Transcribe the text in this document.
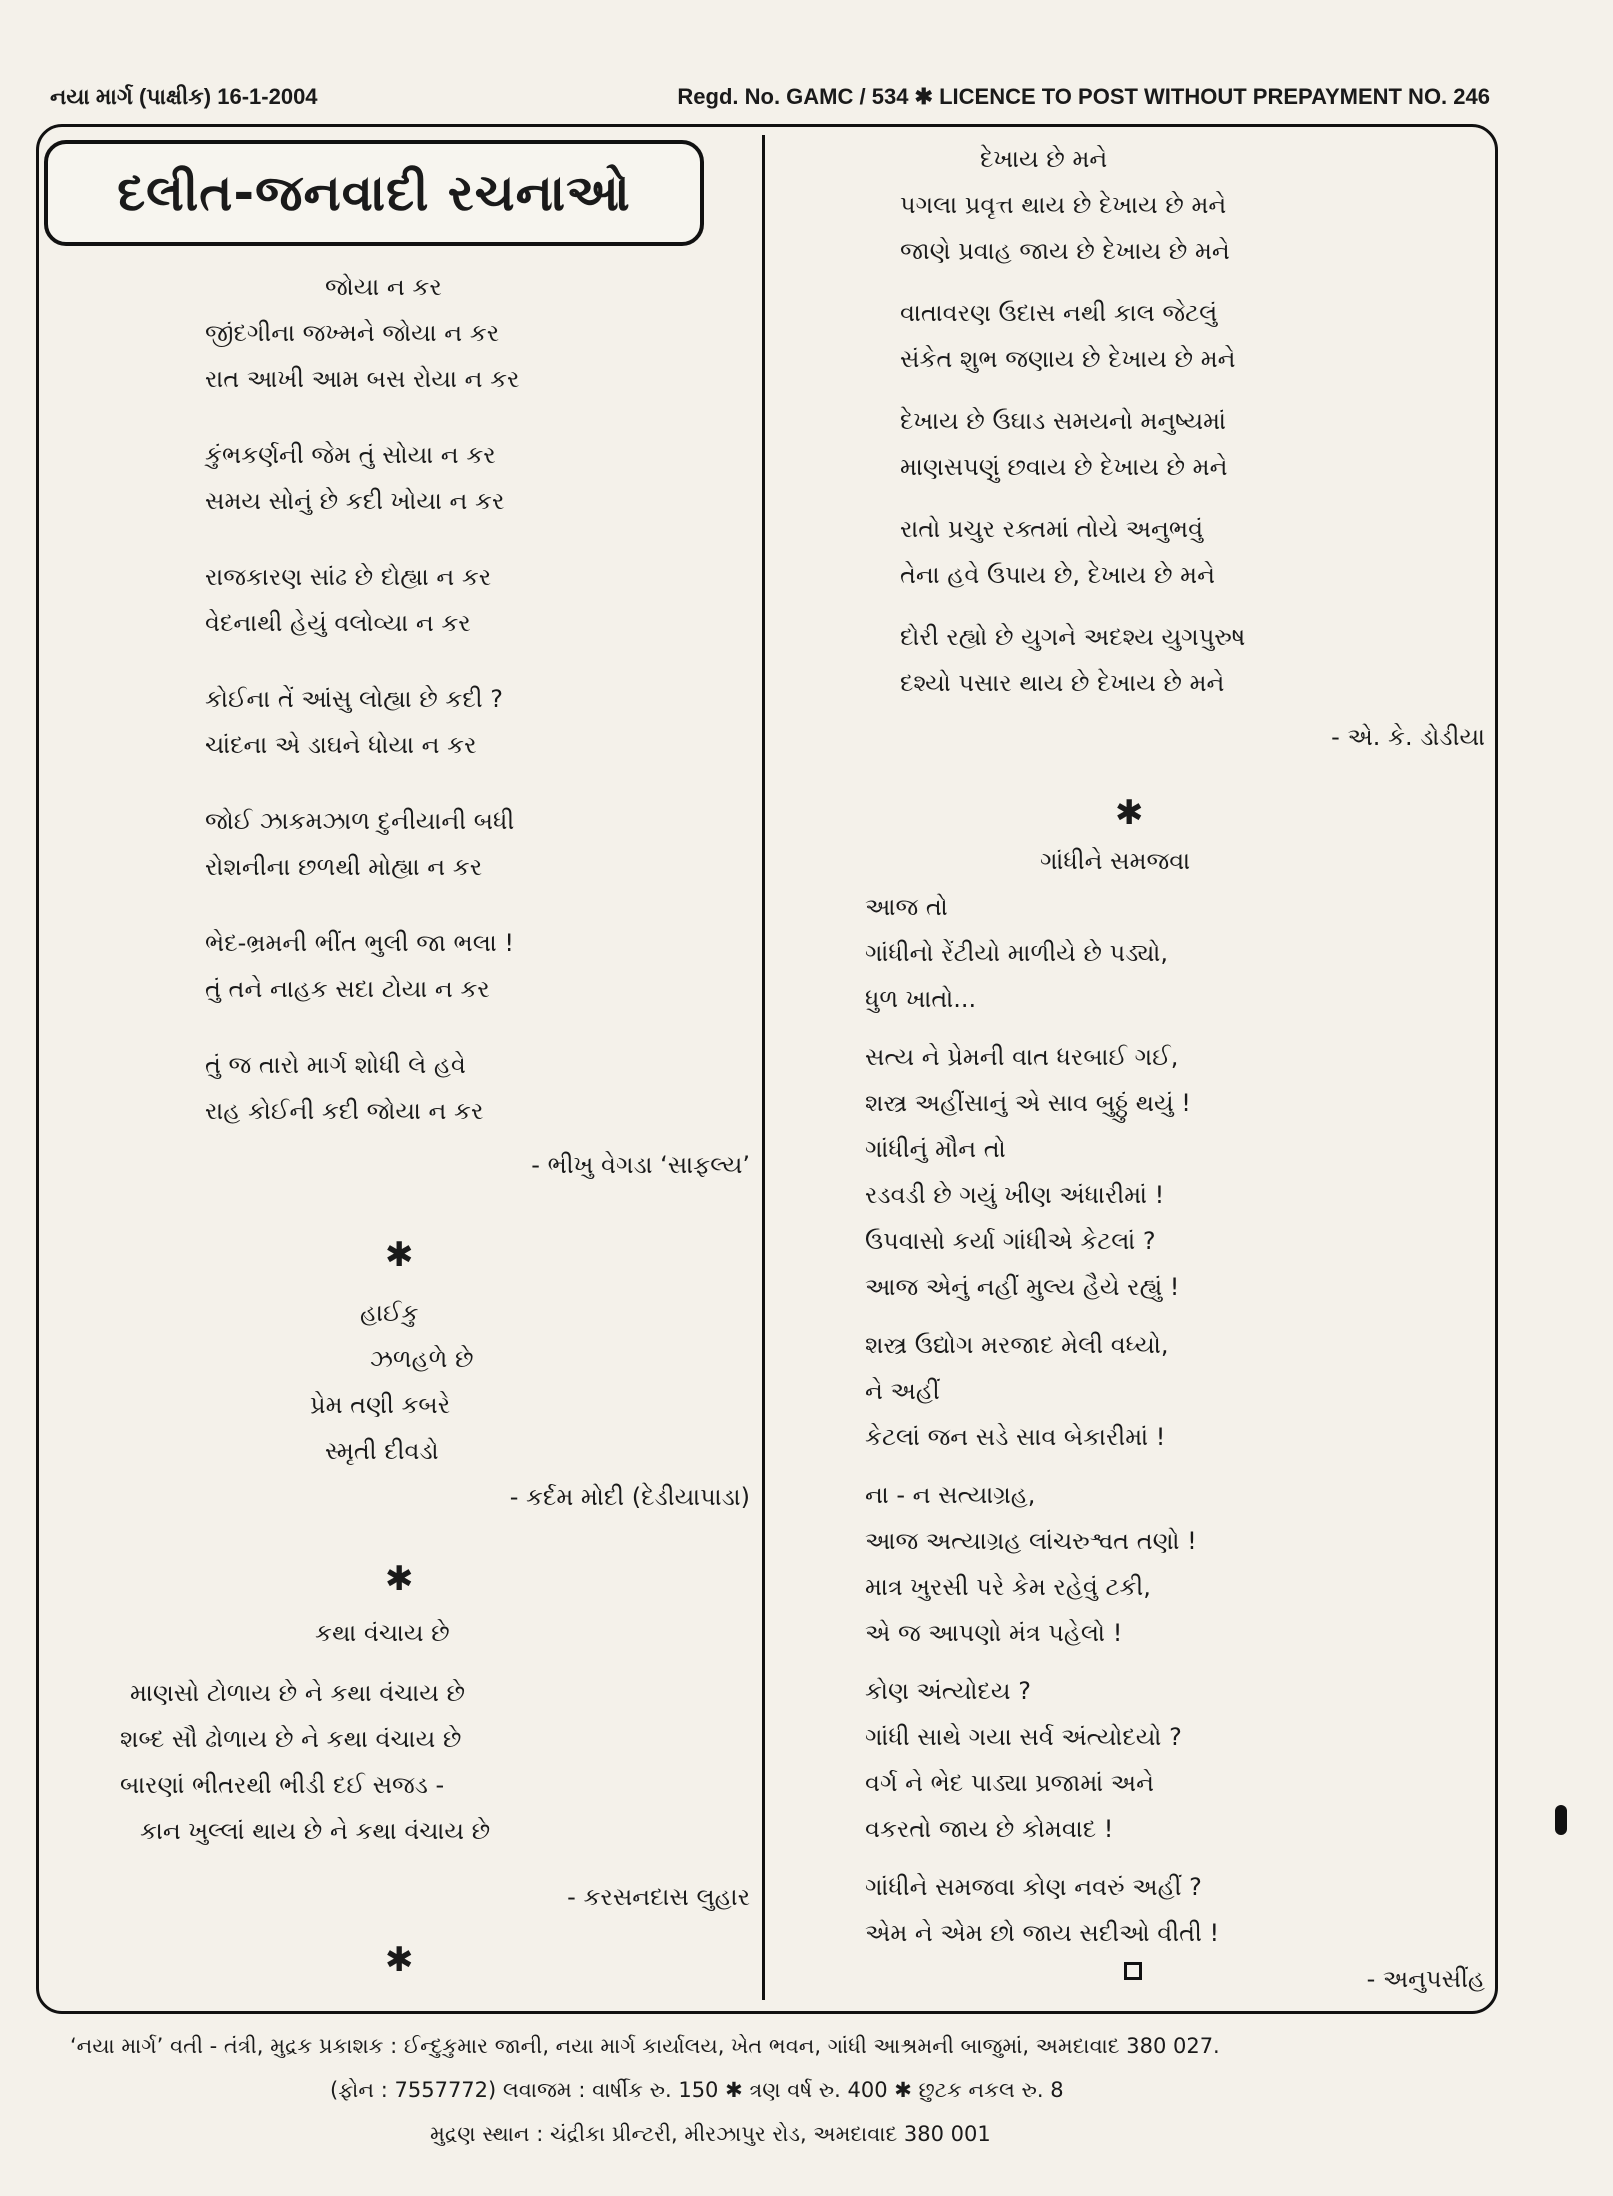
નયા માર્ગ (પાક્ષીક) 16-1-2004	Regd. No. GAMC / 534 ✱ LICENCE TO POST WITHOUT PREPAYMENT NO. 246
દલીત-જનવાદી રચનાઓ
જોયા ન કર
જીંદગીના જખ્મને જોયા ન કર
રાત આખી આમ બસ રોયા ન કર
કુંભકર્ણની જેમ તું સોયા ન કર
સમય સોનું છે કદી ખોયા ન કર
રાજકારણ સાંઢ છે દોહ્યા ન કર
વેદનાથી હેયું વલોવ્યા ન કર
કોઈના તેં આંસુ લોહ્યા છે કદી ?
ચાંદના એ ડાઘને ધોયા ન કર
જોઈ ઝાકમઝાળ દુનીયાની બધી
રોશનીના છળથી મોહ્યા ન કર
ભેદ-ભ્રમની ભીંત ભુલી જા ભલા !
તું તને નાહક સદા ટોયા ન કર
તું જ તારો માર્ગ શોધી લે હવે
રાહ કોઈની કદી જોયા ન કર
- ભીખુ વેગડા ‘સાફલ્ય’
✱
હાઈકુ
ઝળહળે છે
પ્રેમ તણી કબરે
સ્મૃતી દીવડો
- કર્દમ મોદી (દેડીયાપાડા)
✱
કથા વંચાય છે
માણસો ટોળાય છે ને કથા વંચાય છે
શબ્દ સૌ ઢોળાય છે ને કથા વંચાય છે
બારણાં ભીતરથી ભીડી દઈ સજડ -
કાન ખુલ્લાં થાય છે ને કથા વંચાય છે
- કરસનદાસ લુહાર
✱
દેખાય છે મને
પગલા પ્રવૃત્ત થાય છે દેખાય છે મને
જાણે પ્રવાહ જાય છે દેખાય છે મને
વાતાવરણ ઉદાસ નથી કાલ જેટલું
સંકેત શુભ જણાય છે દેખાય છે મને
દેખાય છે ઉઘાડ સમયનો મનુષ્યમાં
માણસપણું છવાય છે દેખાય છે મને
રાતો પ્રચુર રક્તમાં તોયે અનુભવું
તેના હવે ઉપાય છે, દેખાય છે મને
દોરી રહ્યો છે યુગને અદશ્ય યુગપુરુષ
દશ્યો પસાર થાય છે દેખાય છે મને
- એ. કે. ડોડીયા
✱
ગાંધીને સમજવા
આજ તો
ગાંધીનો રેંટીયો માળીયે છે પડ્યો,
ધુળ ખાતો...
સત્ય ને પ્રેમની વાત ધરબાઈ ગઈ,
શસ્ત્ર અહીંસાનું એ સાવ બુઠ્ઠું થયું !
ગાંધીનું મૌન તો
રડવડી છે ગયું ખીણ અંધારીમાં !
ઉપવાસો કર્યા ગાંધીએ કેટલાં ?
આજ એનું નહીં મુલ્ય હૈયે રહ્યું !
શસ્ત્ર ઉદ્યોગ મરજાદ મેલી વધ્યો,
ને અહીં
કેટલાં જન સડે સાવ બેકારીમાં !
ના - ન સત્યાગ્રહ,
આજ અત્યાગ્રહ લાંચરુશ્વત તણો !
માત્ર ખુરસી પરે કેમ રહેવું ટકી,
એ જ આપણો મંત્ર પહેલો !
કોણ અંત્યોદય ?
ગાંધી સાથે ગયા સર્વ અંત્યોદયો ?
વર્ગ ને ભેદ પાડ્યા પ્રજામાં અને
વકરતો જાય છે કોમવાદ !
ગાંધીને સમજવા કોણ નવરું અહીં ?
એમ ને એમ છો જાય સદીઓ વીતી !
- અનુપસીંહ
‘નયા માર્ગ’ વતી - તંત્રી, મુદ્રક પ્રકાશક : ઈન્દુકુમાર જાની, નયા માર્ગ કાર્યાલય, ખેત ભવન, ગાંધી આશ્રમની બાજુમાં, અમદાવાદ 380 027.
(ફોન : 7557772) લવાજમ : વાર્ષીક રુ. 150 ✱ ત્રણ વર્ષ રુ. 400 ✱ છુટક નકલ રુ. 8
મુદ્રણ સ્થાન : ચંદ્રીકા પ્રીન્ટરી, મીરઝાપુર રોડ, અમદાવાદ 380 001
